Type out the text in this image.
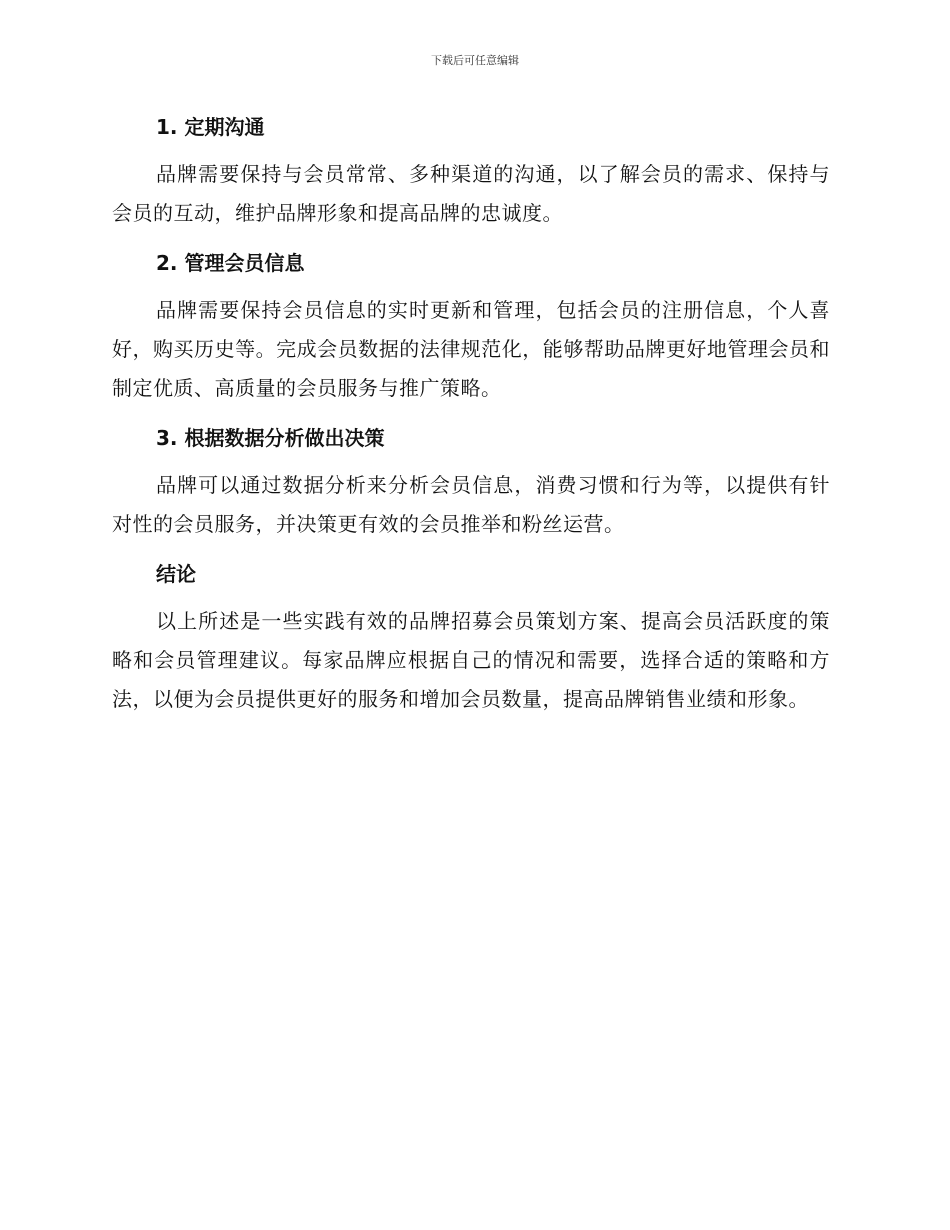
下载后可任意编辑
1. 定期沟通

品牌需要保持与会员常常、多种渠道的沟通，以了解会员的需求、保持与会员的互动，维护品牌形象和提高品牌的忠诚度。

2. 管理会员信息

品牌需要保持会员信息的实时更新和管理，包括会员的注册信息，个人喜好，购买历史等。完成会员数据的法律规范化，能够帮助品牌更好地管理会员和制定优质、高质量的会员服务与推广策略。

3. 根据数据分析做出决策

品牌可以通过数据分析来分析会员信息，消费习惯和行为等，以提供有针对性的会员服务，并决策更有效的会员推举和粉丝运营。

结论

以上所述是一些实践有效的品牌招募会员策划方案、提高会员活跃度的策略和会员管理建议。每家品牌应根据自己的情况和需要，选择合适的策略和方法，以便为会员提供更好的服务和增加会员数量，提高品牌销售业绩和形象。
